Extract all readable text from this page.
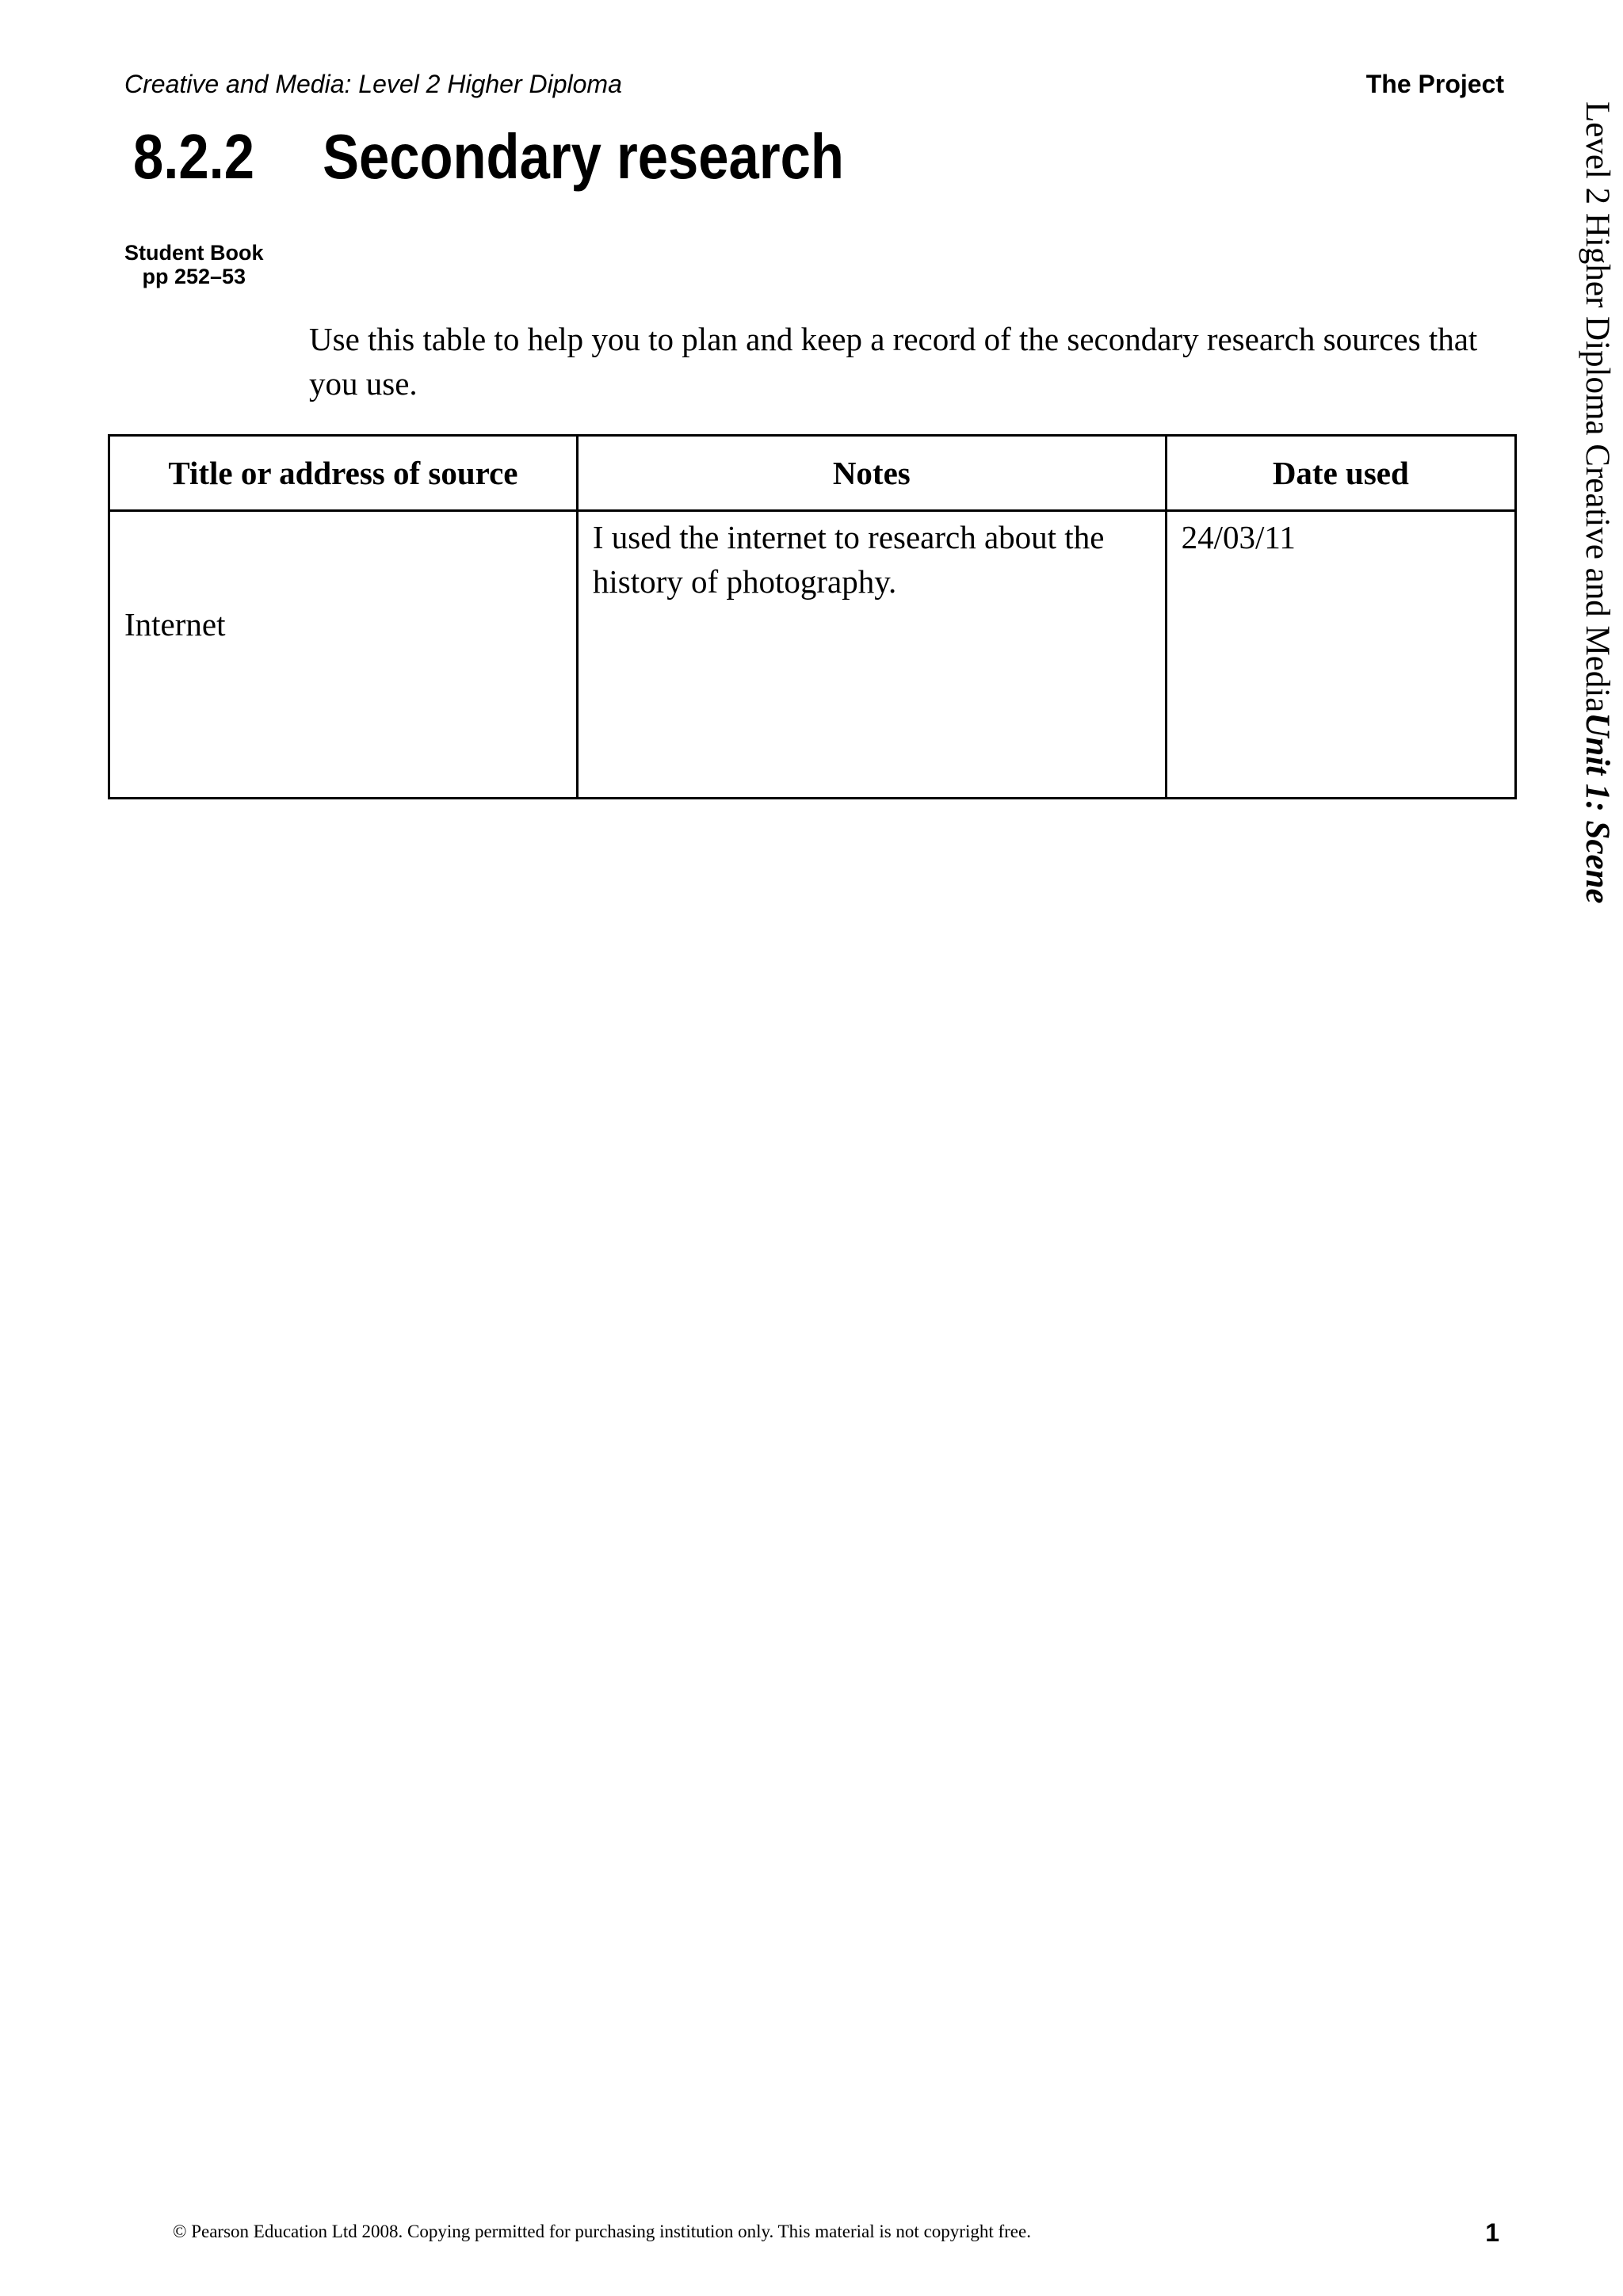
Creative and Media: Level 2 Higher Diploma	The Project
8.2.2 Secondary research
Student Book
pp 252–53
Use this table to help you to plan and keep a record of the secondary research sources that you use.
Title or address of source	Notes	Date used
Internet	I used the internet to research about the history of photography.	24/03/11	Level 2 Higher Diploma Creative and MediaUnit 1: Scene
© Pearson Education Ltd 2008. Copying permitted for purchasing institution only. This material is not copyright free.	1
